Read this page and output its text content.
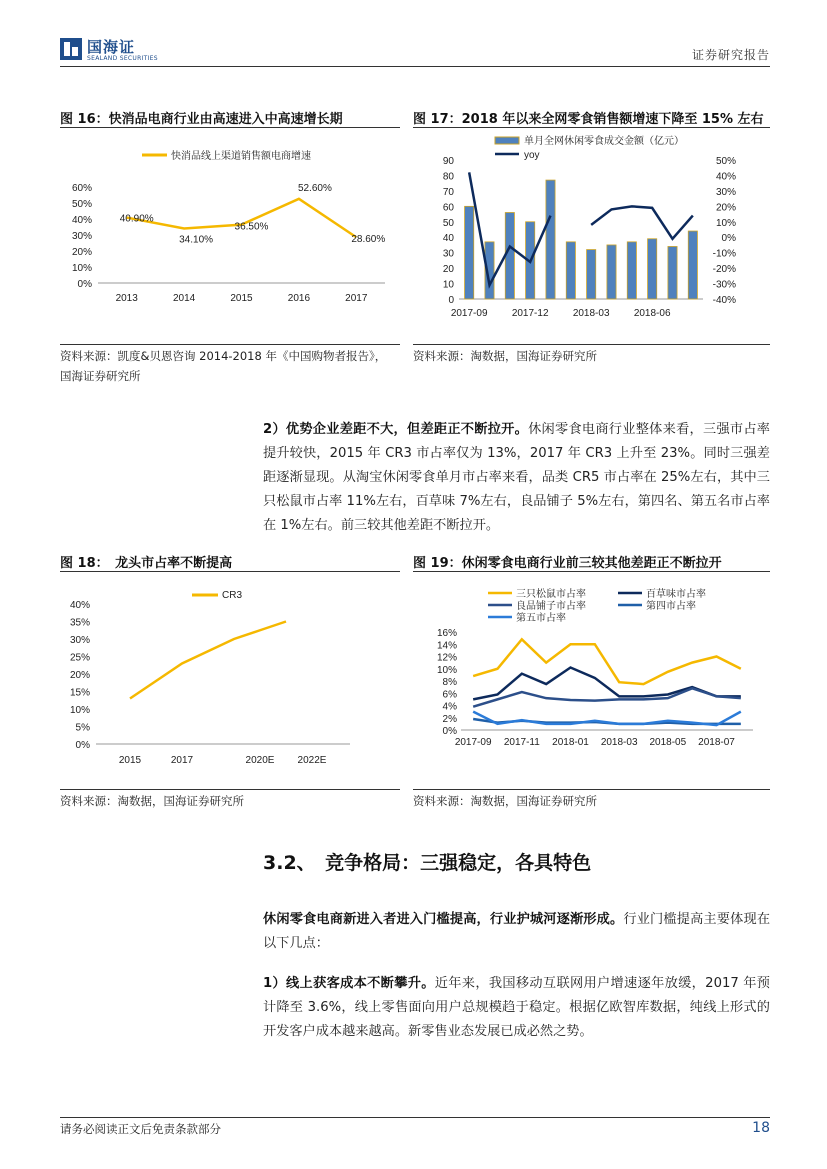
国海证
SEALAND SECURITIES	证券研究报告
图 16：快消品电商行业由高速进入中高速增长期
快消品线上渠道销售额电商增速
0%
10%
20%
30%
40%
50%
60%
2013	2014	2015	2016	2017
40.90%
34.10%
36.50%
52.60%
28.60%
资料来源：凯度&贝恩咨询 2014-2018 年《中国购物者报告》，
国海证券研究所
图 17：2018 年以来全网零食销售额增速下降至 15% 左右
单月全网休闲零食成交金额（亿元）
yoy
0
10
20
30
40
50
60
70
80
90
-40%
-30%
-20%
-10%
0%
10%
20%
30%
40%
50%
2017-09 2017-12 2018-03 2018-06
资料来源：淘数据，国海证券研究所
2）优势企业差距不大，但差距正不断拉开。休闲零食电商行业整体来看，三强市占率提升较快，2015 年 CR3 市占率仅为 13%，2017 年 CR3 上升至 23%。同时三强差距逐渐显现。从淘宝休闲零食单月市占率来看，品类 CR5 市占率在 25%左右，其中三只松鼠市占率 11%左右，百草味 7%左右，良品铺子 5%左右，第四名、第五名市占率在 1%左右。前三较其他差距不断拉开。
图 18：　龙头市占率不断提高
CR3
0%
5%
10%
15%
20%
25%
30%
35%
40%
2015	2017	2020E 2022E
资料来源：淘数据，国海证券研究所
图 19：休闲零食电商行业前三较其他差距正不断拉开
三只松鼠市占率	百草味市占率
良品铺子市占率	第四市占率
第五市占率
0%
2%
4%
6%
8%
10%
12%
14%
16%
2017-09 2017-11 2018-01 2018-03 2018-05 2018-07
资料来源：淘数据，国海证券研究所
3.2、　竞争格局：三强稳定，各具特色
休闲零食电商新进入者进入门槛提高，行业护城河逐渐形成。行业门槛提高主要体现在以下几点：
1）线上获客成本不断攀升。近年来，我国移动互联网用户增速逐年放缓，2017 年预计降至 3.6%，线上零售面向用户总规模趋于稳定。根据亿欧智库数据，纯线上形式的开发客户成本越来越高。新零售业态发展已成必然之势。
请务必阅读正文后免责条款部分	18
